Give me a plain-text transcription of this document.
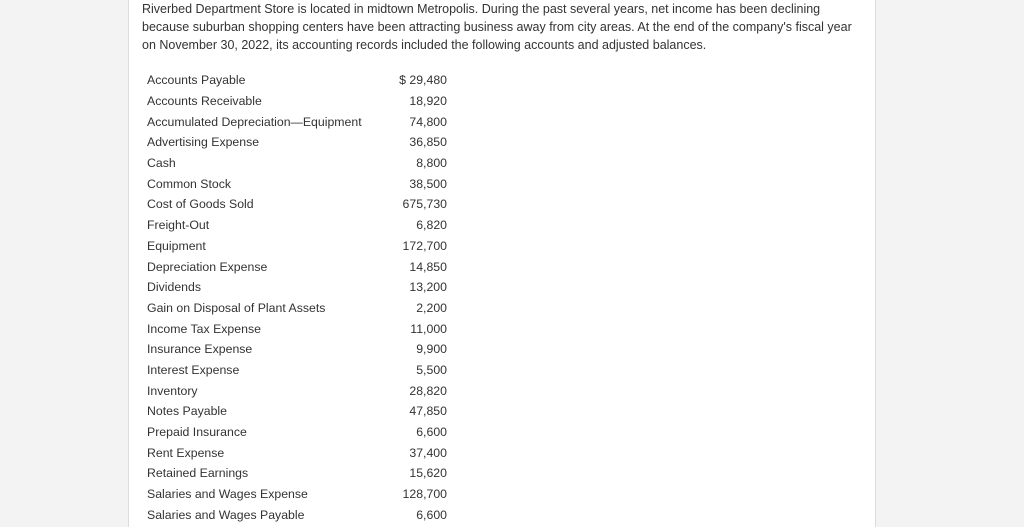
Riverbed Department Store is located in midtown Metropolis. During the past several years, net income has been declining because suburban shopping centers have been attracting business away from city areas. At the end of the company's fiscal year on November 30, 2022, its accounting records included the following accounts and adjusted balances.

Accounts Payable	$ 29,480
Accounts Receivable	18,920
Accumulated Depreciation—Equipment	74,800
Advertising Expense	36,850
Cash	8,800
Common Stock	38,500
Cost of Goods Sold	675,730
Freight-Out	6,820
Equipment	172,700
Depreciation Expense	14,850
Dividends	13,200
Gain on Disposal of Plant Assets	2,200
Income Tax Expense	11,000
Insurance Expense	9,900
Interest Expense	5,500
Inventory	28,820
Notes Payable	47,850
Prepaid Insurance	6,600
Rent Expense	37,400
Retained Earnings	15,620
Salaries and Wages Expense	128,700
Salaries and Wages Payable	6,600
